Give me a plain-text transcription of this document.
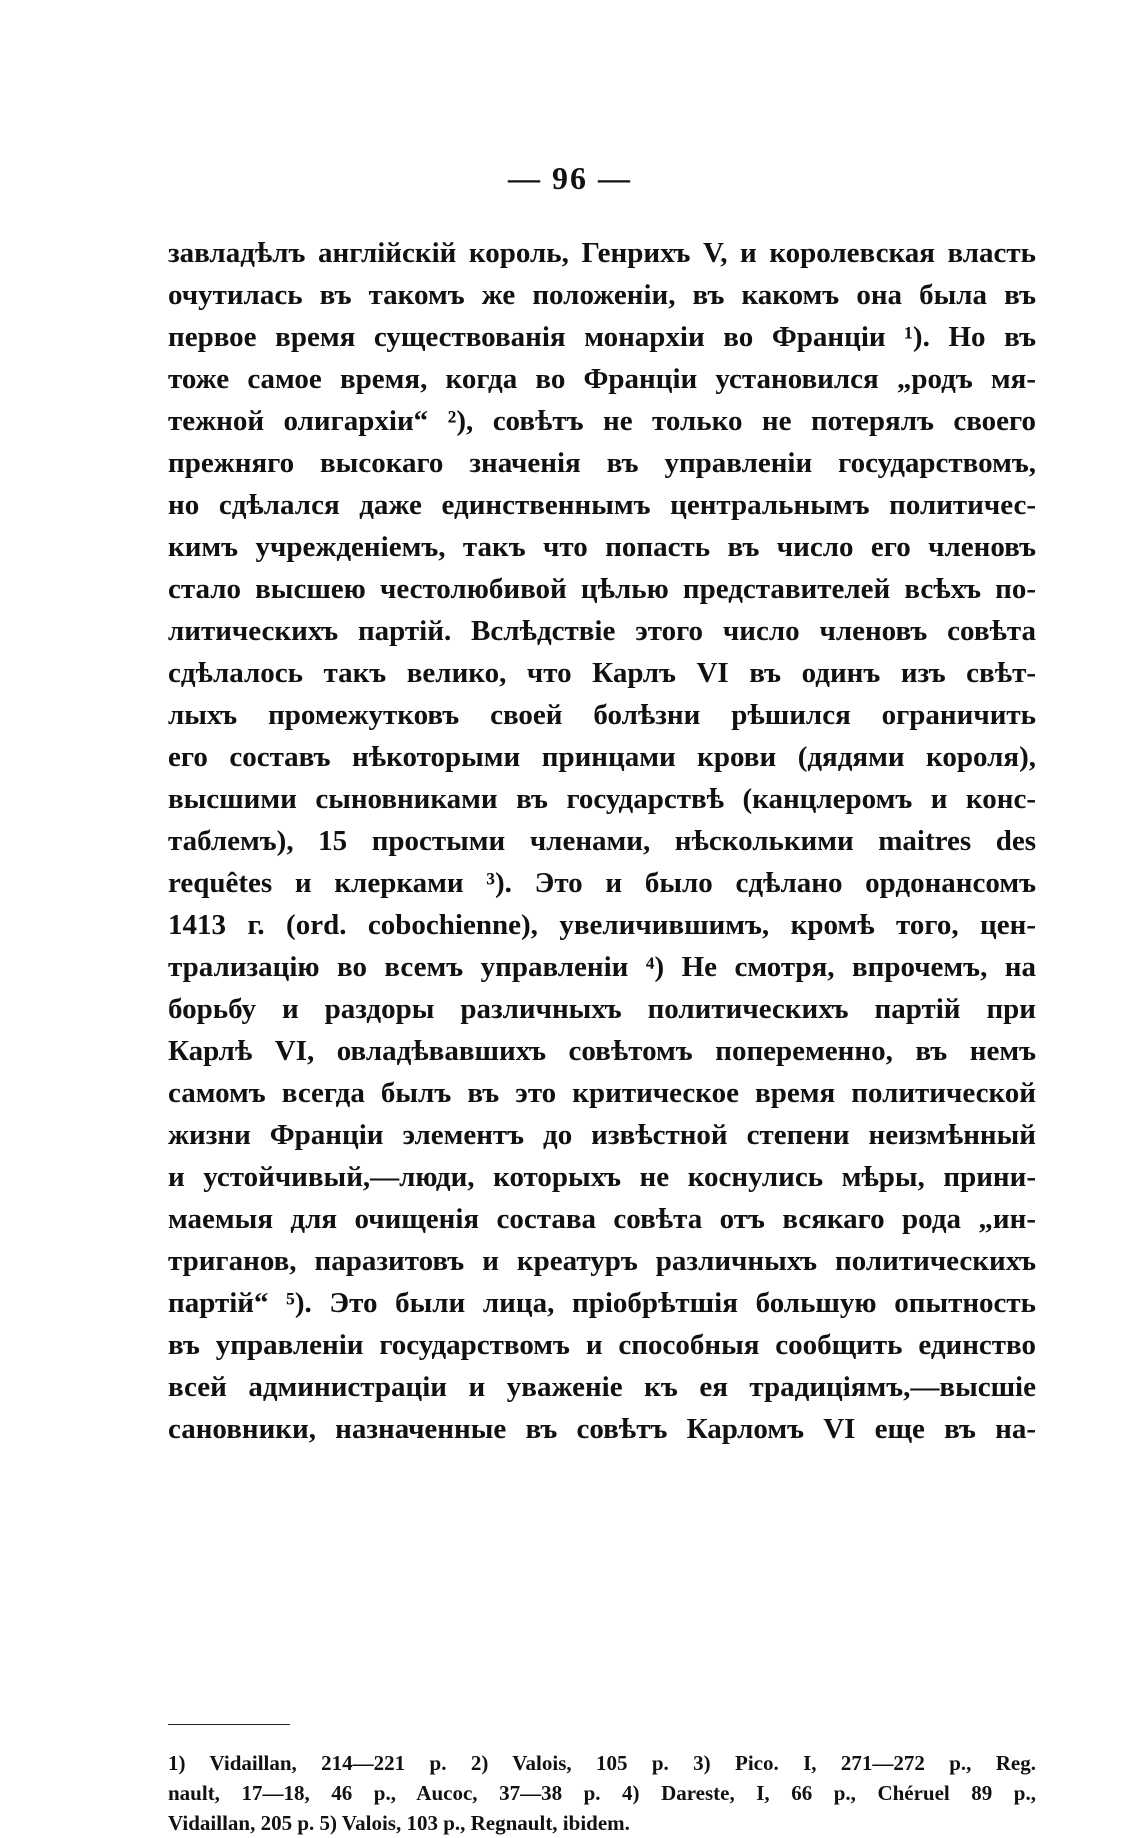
— 96 —
завладѣлъ англійскій король, Генрихъ V, и королевская власть
очутилась въ такомъ же положеніи, въ какомъ она была въ
первое время существованія монархіи во Франціи ¹). Но въ
тоже самое время, когда во Франціи установился „родъ мя-
тежной олигархіи“ ²), совѣтъ не только не потерялъ своего
прежняго высокаго значенія въ управленіи государствомъ,
но сдѣлался даже единственнымъ центральнымъ политичес-
кимъ учрежденіемъ, такъ что попасть въ число его членовъ
стало высшею честолюбивой цѣлью представителей всѣхъ по-
литическихъ партій. Вслѣдствіе этого число членовъ совѣта
сдѣлалось такъ велико, что Карлъ VI въ одинъ изъ свѣт-
лыхъ промежутковъ своей болѣзни рѣшился ограничить
его составъ нѣкоторыми принцами крови (дядями короля),
высшими сыновниками въ государствѣ (канцлеромъ и конс-
таблемъ), 15 простыми членами, нѣсколькими maitres des
requêtes и клерками ³). Это и было сдѣлано ордонансомъ
1413 г. (ord. cobochienne), увеличившимъ, кромѣ того, цен-
трализацію во всемъ управленіи ⁴) Не смотря, впрочемъ, на
борьбу и раздоры различныхъ политическихъ партій при
Карлѣ VI, овладѣвавшихъ совѣтомъ попеременно, въ немъ
самомъ всегда былъ въ это критическое время политической
жизни Франціи элементъ до извѣстной степени неизмѣнный
и устойчивый,—люди, которыхъ не коснулись мѣры, прини-
маемыя для очищенія состава совѣта отъ всякаго рода „ин-
триганов, паразитовъ и креатуръ различныхъ политическихъ
партій“ ⁵). Это были лица, пріобрѣтшія большую опытность
въ управленіи государствомъ и способныя сообщить единство
всей администраціи и уваженіе къ ея традиціямъ,—высшіе
сановники, назначенные въ совѣтъ Карломъ VI еще въ на-
1) Vidaillan, 214—221 p. 2) Valois, 105 p. 3) Pico. I, 271—272 p., Reg.
nault, 17—18, 46 p., Aucoc, 37—38 p. 4) Dareste, I, 66 p., Chéruel 89 p.,
Vidaillan, 205 p. 5) Valois, 103 p., Regnault, ibidem.
